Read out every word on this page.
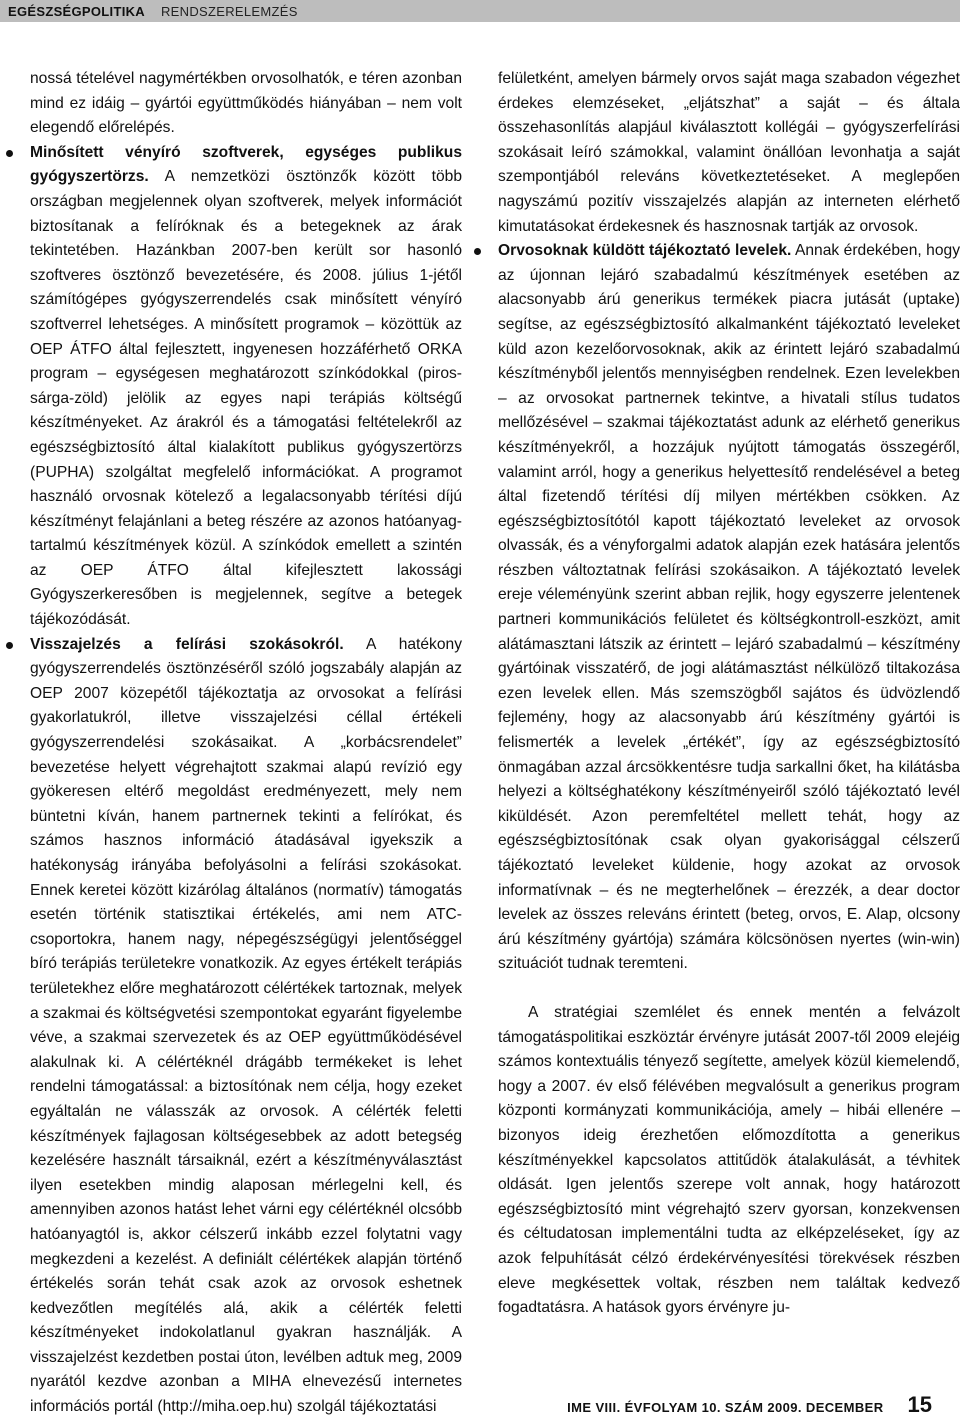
EGÉSZSÉGPOLITIKA	RENDSZERELEMZÉS

nossá tételével nagymértékben orvosolhatók, e téren azonban mind ez idáig – gyártói együttműködés hiányában – nem volt elegendő előrelépés.

Minősített vényíró szoftverek, egységes publikus gyógyszertörzs. A nemzetközi ösztönzők között több országban megjelennek olyan szoftverek, melyek információt biztosítanak a felíróknak és a betegeknek az árak tekintetében. Hazánkban 2007-ben került sor hasonló szoftveres ösztönző bevezetésére, és 2008. július 1-jétől számítógépes gyógyszerrendelés csak minősített vényíró szoftverrel lehetséges. A minősített programok – közöttük az OEP ÁTFO által fejlesztett, ingyenesen hozzáférhető ORKA program – egységesen meghatározott színkódokkal (piros-sárga-zöld) jelölik az egyes napi terápiás költségű készítményeket. Az árakról és a támogatási feltételekről az egészségbiztosító által kialakított publikus gyógyszertörzs (PUPHA) szolgáltat megfelelő információkat. A programot használó orvosnak kötelező a legalacsonyabb térítési díjú készítményt felajánlani a beteg részére az azonos hatóanyag-tartalmú készítmények közül. A színkódok emellett a szintén az OEP ÁTFO által kifejlesztett lakossági Gyógyszerkeresőben is megjelennek, segítve a betegek tájékozódását.
Visszajelzés a felírási szokásokról. A hatékony gyógyszerrendelés ösztönzéséről szóló jogszabály alapján az OEP 2007 közepétől tájékoztatja az orvosokat a felírási gyakorlatukról, illetve visszajelzési céllal értékeli gyógyszerrendelési szokásaikat. A „korbácsrendelet” bevezetése helyett végrehajtott szakmai alapú revízió egy gyökeresen eltérő megoldást eredményezett, mely nem büntetni kíván, hanem partnernek tekinti a felírókat, és számos hasznos információ átadásával igyekszik a hatékonyság irányába befolyásolni a felírási szokásokat. Ennek keretei között kizárólag általános (normatív) támogatás esetén történik statisztikai értékelés, ami nem ATC-csoportokra, hanem nagy, népegészségügyi jelentőséggel bíró terápiás területekre vonatkozik. Az egyes értékelt terápiás területekhez előre meghatározott célértékek tartoznak, melyek a szakmai és költségvetési szempontokat egyaránt figyelembe véve, a szakmai szervezetek és az OEP együttműködésével alakulnak ki. A célértéknél drágább termékeket is lehet rendelni támogatással: a biztosítónak nem célja, hogy ezeket egyáltalán ne válasszák az orvosok. A célérték feletti készítmények fajlagosan költségesebbek az adott betegség kezelésére használt társaiknál, ezért a készítményválasztást ilyen esetekben mindig alaposan mérlegelni kell, és amennyiben azonos hatást lehet várni egy célértéknél olcsóbb hatóanyagtól is, akkor célszerű inkább ezzel folytatni vagy megkezdeni a kezelést. A definiált célértékek alapján történő értékelés során tehát csak azok az orvosok eshetnek kedvezőtlen megítélés alá, akik a célérték feletti készítményeket indokolatlanul gyakran használják. A visszajelzést kezdetben postai úton, levélben adtuk meg, 2009 nyarától kezdve azonban a MIHA elnevezésű internetes információs portál (http://miha.oep.hu) szolgál tájékoztatási

felületként, amelyen bármely orvos saját maga szabadon végezhet érdekes elemzéseket, „eljátszhat” a saját – és általa összehasonlítás alapjául kiválasztott kollégái – gyógyszerfelírási szokásait leíró számokkal, valamint önállóan levonhatja a saját szempontjából releváns következtetéseket. A meglepően nagyszámú pozitív visszajelzés alapján az interneten elérhető kimutatásokat érdekesnek és hasznosnak tartják az orvosok.

Orvosoknak küldött tájékoztató levelek. Annak érdekében, hogy az újonnan lejáró szabadalmú készítmények esetében az alacsonyabb árú generikus termékek piacra jutását (uptake) segítse, az egészségbiztosító alkalmanként tájékoztató leveleket küld azon kezelőorvosoknak, akik az érintett lejáró szabadalmú készítményből jelentős mennyiségben rendelnek. Ezen levelekben – az orvosokat partnernek tekintve, a hivatali stílus tudatos mellőzésével – szakmai tájékoztatást adunk az elérhető generikus készítményekről, a hozzájuk nyújtott támogatás összegéről, valamint arról, hogy a generikus helyettesítő rendelésével a beteg által fizetendő térítési díj milyen mértékben csökken. Az egészségbiztosítótól kapott tájékoztató leveleket az orvosok olvassák, és a vényforgalmi adatok alapján ezek hatására jelentős részben változtatnak felírási szokásaikon. A tájékoztató levelek ereje véleményünk szerint abban rejlik, hogy egyszerre jelentenek partneri kommunikációs felületet és költségkontroll-eszközt, amit alátámasztani látszik az érintett – lejáró szabadalmú – készítmény gyártóinak visszatérő, de jogi alátámasztást nélkülöző tiltakozása ezen levelek ellen. Más szemszögből sajátos és üdvözlendő fejlemény, hogy az alacsonyabb árú készítmény gyártói is felismerték a levelek „értékét”, így az egészségbiztosító önmagában azzal árcsökkentésre tudja sarkallni őket, ha kilátásba helyezi a költséghatékony készítményeiről szóló tájékoztató levél kiküldését. Azon peremfeltétel mellett tehát, hogy az egészségbiztosítónak csak olyan gyakorisággal célszerű tájékoztató leveleket küldenie, hogy azokat az orvosok informatívnak – és ne megterhelőnek – érezzék, a dear doctor levelek az összes releváns érintett (beteg, orvos, E. Alap, olcsony árú készítmény gyártója) számára kölcsönösen nyertes (win-win) szituációt tudnak teremteni.

A stratégiai szemlélet és ennek mentén a felvázolt támogatáspolitikai eszköztár érvényre jutását 2007-től 2009 elejéig számos kontextuális tényező segítette, amelyek közül kiemelendő, hogy a 2007. év első félévében megvalósult a generikus program központi kormányzati kommunikációja, amely – hibái ellenére – bizonyos ideig érezhetően előmozdította a generikus készítményekkel kapcsolatos attitűdök átalakulását, a tévhitek oldását. Igen jelentős szerepe volt annak, hogy határozott egészségbiztosító mint végrehajtó szerv gyorsan, konzekvensen és céltudatosan implementálni tudta az elképzeléseket, így az azok felpuhítását célzó érdekérvényesítési törekvések részben eleve megkésettek voltak, részben nem találtak kedvező fogadtatásra. A hatások gyors érvényre ju-

IME VIII. ÉVFOLYAM 10. SZÁM 2009. DECEMBER 15
